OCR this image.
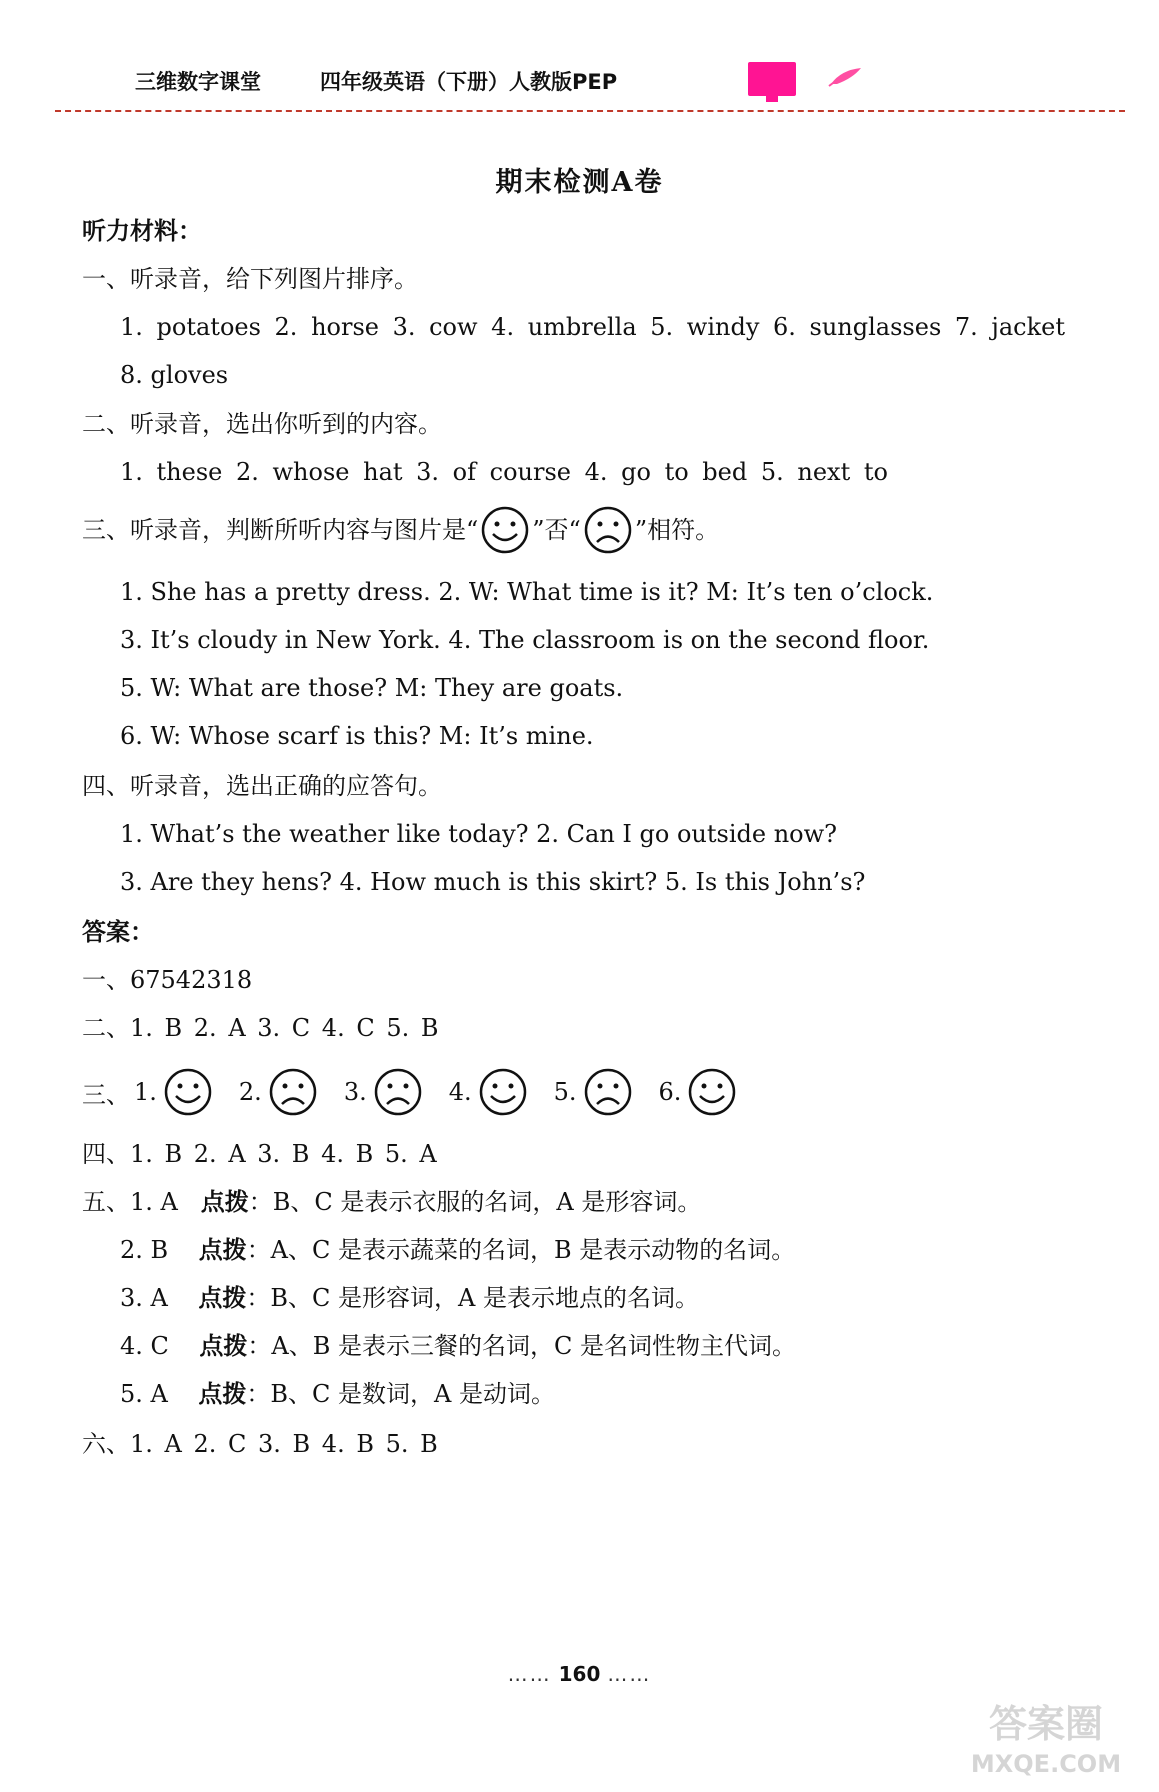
三维数字课堂	四年级英语（下册）人教版PEP
期末检测A卷
听力材料：
一、听录音，给下列图片排序。
1. potatoes 2. horse 3. cow 4. umbrella 5. windy 6. sunglasses 7. jacket
8. gloves
二、听录音，选出你听到的内容。
1. these 2. whose hat 3. of course 4. go to bed 5. next to
三、听录音，判断所听内容与图片是“ ”否“ ”相符。
1. She has a pretty dress. 2. W: What time is it? M: It’s ten o’clock.
3. It’s cloudy in New York. 4. The classroom is on the second floor.
5. W: What are those? M: They are goats.
6. W: Whose scarf is this? M: It’s mine.
四、听录音，选出正确的应答句。
1. What’s the weather like today? 2. Can I go outside now?
3. Are they hens? 4. How much is this skirt? 5. Is this John’s?
答案：
一、67542318
二、1. B 2. A 3. C 4. C 5. B
三、 1.	2.	3.	4.	5.	6.
四、1. B 2. A 3. B 4. B 5. A
五、1. A 点拨：B、C 是表示衣服的名词，A 是形容词。
2. B 点拨：A、C 是表示蔬菜的名词，B 是表示动物的名词。
3. A 点拨：B、C 是形容词，A 是表示地点的名词。
4. C 点拨：A、B 是表示三餐的名词，C 是名词性物主代词。
5. A 点拨：B、C 是数词，A 是动词。
六、1. A 2. C 3. B 4. B 5. B
…… 160 ……
答案圈
MXQE.COM
